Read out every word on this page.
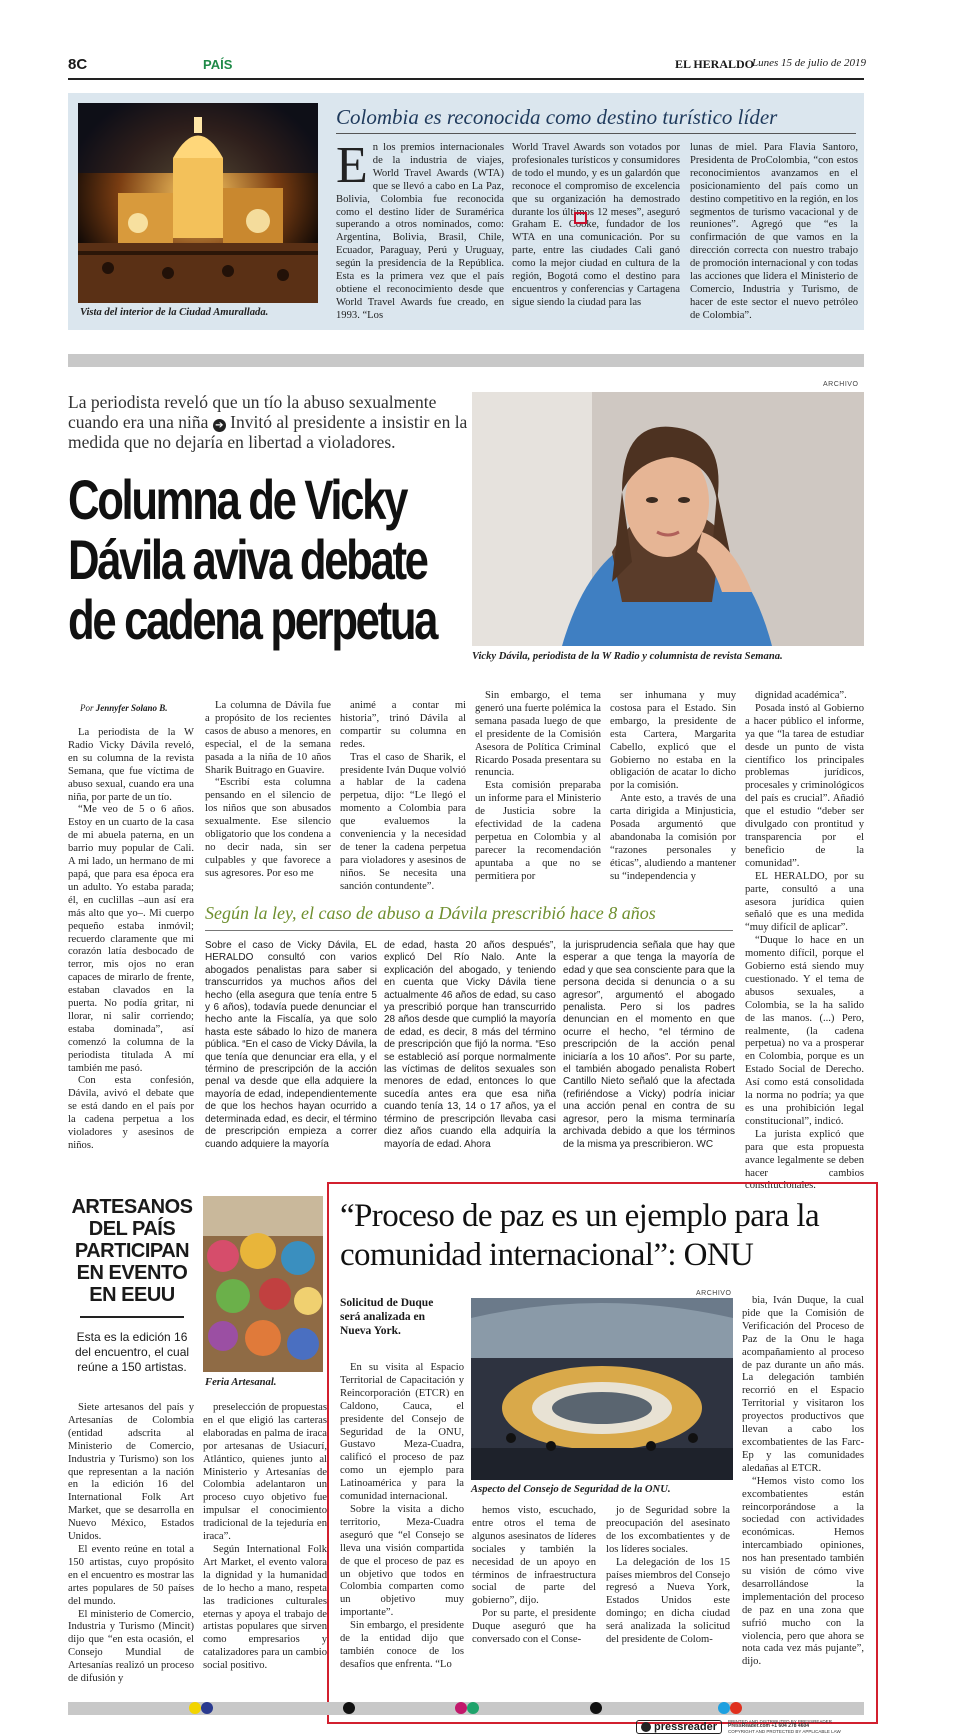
8C	PAÍS	EL HERALDO
Lunes 15 de julio de 2019
Vista del interior de la Ciudad Amurallada.
Colombia es reconocida como destino turístico líder
E n los premios internacionales de la industria de viajes, World Travel Awards (WTA) que se llevó a cabo en La Paz, Bolivia, Colombia fue reconocida como el destino líder de Suramérica superando a otros nominados, como: Argentina, Bolivia, Brasil, Chile, Ecuador, Paraguay, Perú y Uruguay, según la presidencia de la República. Esta es la primera vez que el país obtiene el reconocimiento desde que World Travel Awards fue creado, en 1993. “Los
World Travel Awards son votados por profesionales turísticos y consumidores de todo el mundo, y es un galardón que reconoce el compromiso de excelencia que su organización ha demostrado durante los últimos 12 meses”, aseguró Graham E. Cooke, fundador de los WTA en una comunicación. Por su parte, entre las ciudades Cali ganó como la mejor ciudad en cultura de la región, Bogotá como el destino para encuentros y conferencias y Cartagena sigue siendo la ciudad para las
lunas de miel. Para Flavia Santoro, Presidenta de ProColombia, “con estos reconocimientos avanzamos en el posicionamiento del país como un destino competitivo en la región, en los segmentos de turismo vacacional y de reuniones”. Agregó que “es la confirmación de que vamos en la dirección correcta con nuestro trabajo de promoción internacional y con todas las acciones que lidera el Ministerio de Comercio, Industria y Turismo, de hacer de este sector el nuevo petróleo de Colombia”.
La periodista reveló que un tío la abuso sexualmente cuando era una niña ➔ Invitó al presidente a insistir en la medida que no dejaría en libertad a violadores.
Columna de Vicky Dávila aviva debate de cadena perpetua
ARCHIVO
Vicky Dávila, periodista de la W Radio y columnista de revista Semana.
Por Jennyfer Solano B.

La periodista de la W Radio Vicky Dávila reveló, en su columna de la revista Semana, que fue víctima de abuso sexual, cuando era una niña, por parte de un tío.

“Me veo de 5 o 6 años. Estoy en un cuarto de la casa de mi abuela paterna, en un barrio muy popular de Cali. A mi lado, un hermano de mi papá, que para esa época era un adulto. Yo estaba parada; él, en cuclillas –aun así era más alto que yo–. Mi cuerpo pequeño estaba inmóvil; recuerdo claramente que mi corazón latía desbocado de terror, mis ojos no eran capaces de mirarlo de frente, estaban clavados en la puerta. No podía gritar, ni llorar, ni salir corriendo; estaba dominada”, así comenzó la columna de la periodista titulada A mí también me pasó.

Con esta confesión, Dávila, avivó el debate que se está dando en el país por la cadena perpetua a los violadores y asesinos de niños.

La columna de Dávila fue a propósito de los recientes casos de abuso a menores, en especial, el de la semana pasada a la niña de 10 años Sharik Buitrago en Guavire.

“Escribí esta columna pensando en el silencio de los niños que son abusados sexualmente. Ese silencio obligatorio que los condena a no decir nada, sin ser culpables y que favorece a sus agresores. Por eso me

animé a contar mi historia”, trinó Dávila al compartir su columna en redes.

Tras el caso de Sharik, el presidente Iván Duque volvió a hablar de la cadena perpetua, dijo: “Le llegó el momento a Colombia para que evaluemos la conveniencia y la necesidad de tener la cadena perpetua para violadores y asesinos de niños. Se necesita una sanción contundente”.

Sin embargo, el tema generó una fuerte polémica la semana pasada luego de que el presidente de la Comisión Asesora de Política Criminal Ricardo Posada presentara su renuncia.

Esta comisión preparaba un informe para el Ministerio de Justicia sobre la efectividad de la cadena perpetua en Colombia y al parecer la recomendación apuntaba a que no se permitiera por

ser inhumana y muy costosa para el Estado. Sin embargo, la presidente de esta Cartera, Margarita Cabello, explicó que el Gobierno no estaba en la obligación de acatar lo dicho por la comisión.

Ante esto, a través de una carta dirigida a Minjusticia, Posada argumentó que abandonaba la comisión por “razones personales y éticas”, aludiendo a mantener su “independencia y

dignidad académica”.

Posada instó al Gobierno a hacer público el informe, ya que “la tarea de estudiar desde un punto de vista científico los principales problemas jurídicos, procesales y criminológicos del país es crucial”. Añadió que el estudio “deber ser divulgado con prontitud y transparencia por el beneficio de la comunidad”.

EL HERALDO, por su parte, consultó a una asesora jurídica quien señaló que es una medida “muy difícil de aplicar”.

“Duque lo hace en un momento difícil, porque el Gobierno está siendo muy cuestionado. Y el tema de abusos sexuales, a Colombia, se la ha salido de las manos. (...) Pero, realmente, (la cadena perpetua) no va a prosperar en Colombia, porque es un Estado Social de Derecho. Así como está consolidada la norma no podría; ya que es una prohibición legal constitucional”, indicó.

La jurista explicó que para que esta propuesta avance legalmente se deben hacer cambios constitucionales.

Según la ley, el caso de abuso a Dávila prescribió hace 8 años
Sobre el caso de Vicky Dávila, EL HERALDO consultó con varios abogados penalistas para saber si transcurridos ya muchos años del hecho (ella asegura que tenía entre 5 y 6 años), todavía puede denunciar el hecho ante la Fiscalía, ya que solo hasta este sábado lo hizo de manera pública. “En el caso de Vicky Dávila, la que tenía que denunciar era ella, y el término de prescripción de la acción penal va desde que ella adquiere la mayoría de edad, independientemente de que los hechos hayan ocurrido a determinada edad, es decir, el término de prescripción empieza a correr cuando adquiere la mayoría
de edad, hasta 20 años después”, explicó Del Río Nalo. Ante la explicación del abogado, y teniendo en cuenta que Vicky Dávila tiene actualmente 46 años de edad, su caso ya prescribió porque han transcurrido 28 años desde que cumplió la mayoría de edad, es decir, 8 más del término de prescripción que fijó la norma. “Eso se estableció así porque normalmente las víctimas de delitos sexuales son menores de edad, entonces lo que sucedía antes era que esa niña cuando tenía 13, 14 o 17 años, ya el término de prescripción llevaba casi diez años cuando ella adquiría la mayoría de edad. Ahora
la jurisprudencia señala que hay que esperar a que tenga la mayoría de edad y que sea consciente para que la persona decida si denuncia o a su agresor”, argumentó el abogado penalista. Pero si los padres denuncian en el momento en que ocurre el hecho, “el término de prescripción de la acción penal iniciaría a los 10 años”. Por su parte, el también abogado penalista Robert Cantillo Nieto señaló que la afectada (refiriéndose a Vicky) podría iniciar una acción penal en contra de su agresor, pero la misma terminaría archivada debido a que los términos de la misma ya prescribieron. WC
ARTESANOS DEL PAÍS PARTICIPAN EN EVENTO EN EEUU
Esta es la edición 16 del encuentro, el cual reúne a 150 artistas.
Feria Artesanal.

Siete artesanos del país y Artesanías de Colombia (entidad adscrita al Ministerio de Comercio, Industria y Turismo) son los que representan a la nación en la edición 16 del International Folk Art Market, que se desarrolla en Nuevo México, Estados Unidos.

El evento reúne en total a 150 artistas, cuyo propósito en el encuentro es mostrar las artes populares de 50 países del mundo.

El ministerio de Comercio, Industria y Turismo (Mincit) dijo que “en esta ocasión, el Consejo Mundial de Artesanías realizó un proceso de difusión y

preselección de propuestas en el que eligió las carteras elaboradas en palma de iraca por artesanas de Usiacurí, Atlántico, quienes junto al Ministerio y Artesanías de Colombia adelantaron un proceso cuyo objetivo fue impulsar el conocimiento tradicional de la tejeduría en iraca”.

Según International Folk Art Market, el evento valora la dignidad y la humanidad de lo hecho a mano, respeta las tradiciones culturales eternas y apoya el trabajo de artistas populares que sirven como empresarios y catalizadores para un cambio social positivo.

“Proceso de paz es un ejemplo para la comunidad internacional”: ONU
Solicitud de Duque será analizada en Nueva York.
ARCHIVO
Aspecto del Consejo de Seguridad de la ONU.

En su visita al Espacio Territorial de Capacitación y Reincorporación (ETCR) en Caldono, Cauca, el presidente del Consejo de Seguridad de la ONU, Gustavo Meza-Cuadra, calificó el proceso de paz como un ejemplo para Latinoamérica y para la comunidad internacional.

Sobre la visita a dicho territorio, Meza-Cuadra aseguró que “el Consejo se lleva una visión compartida de que el proceso de paz es un objetivo que todos en Colombia comparten como un objetivo muy importante”.

Sin embargo, el presidente de la entidad dijo que también conoce de los desafíos que enfrenta. “Lo

hemos visto, escuchado, entre otros el tema de algunos asesinatos de líderes sociales y también la necesidad de un apoyo en términos de infraestructura social de parte del gobierno”, dijo.

Por su parte, el presidente Duque aseguró que ha conversado con el Conse-

jo de Seguridad sobre la preocupación del asesinato de los excombatientes y de los líderes sociales.

La delegación de los 15 países miembros del Consejo regresó a Nueva York, Estados Unidos este domingo; en dicha ciudad será analizada la solicitud del presidente de Colom-

bia, Iván Duque, la cual pide que la Comisión de Verificación del Proceso de Paz de la Onu le haga acompañamiento al proceso de paz durante un año más. La delegación también recorrió en el Espacio Territorial y visitaron los proyectos productivos que llevan a cabo los excombatientes de las Farc-Ep y las comunidades aledañas al ETCR.

“Hemos visto como los excombatientes están reincorporándose a la sociedad con actividades económicas. Hemos intercambiado opiniones, nos han presentado también su visión de cómo vive desarrollándose la implementación del proceso de paz en una zona que sufrió mucho con la violencia, pero que ahora se nota cada vez más pujante”, dijo.

pressreader PRINTED AND DISTRIBUTED BY PRESSREADER
PressReader.com +1 604 278 4604
COPYRIGHT AND PROTECTED BY APPLICABLE LAW
